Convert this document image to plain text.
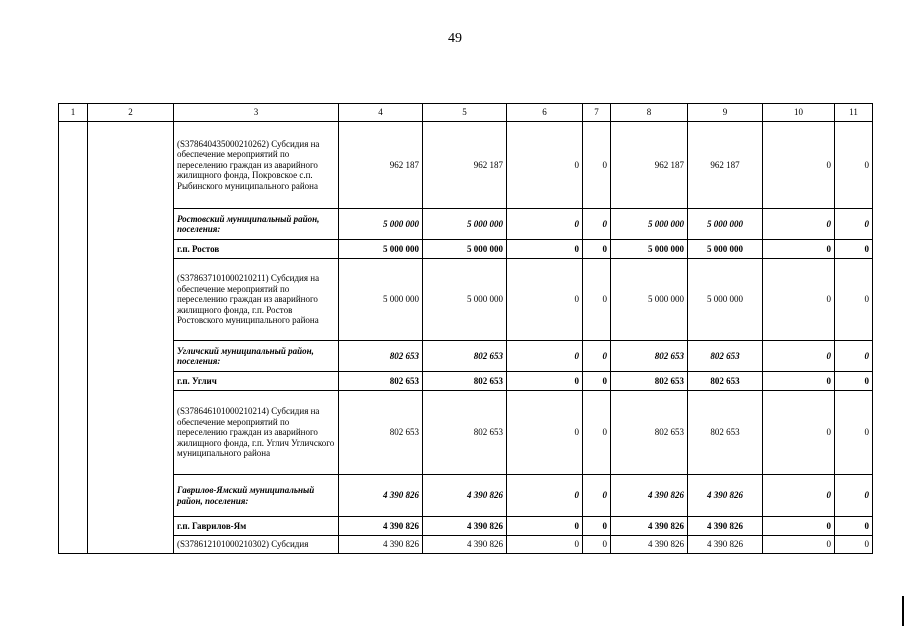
49
1	2	3	4	5	6	7	8	9	10	11
		(S378640435000210262) Субсидия на обеспечение мероприятий по переселению граждан из аварийного жилищного фонда, Покровское с.п. Рыбинского муниципального района	962 187	962 187	0	0	962 187	962 187	0	0
		Ростовский муниципальный район, поселения:	5 000 000	5 000 000	0	0	5 000 000	5 000 000	0	0
		г.п. Ростов	5 000 000	5 000 000	0	0	5 000 000	5 000 000	0	0
		(S378637101000210211) Субсидия на обеспечение мероприятий по переселению граждан из аварийного жилищного фонда, г.п. Ростов Ростовского муниципального района	5 000 000	5 000 000	0	0	5 000 000	5 000 000	0	0
		Угличский муниципальный район, поселения:	802 653	802 653	0	0	802 653	802 653	0	0
		г.п. Углич	802 653	802 653	0	0	802 653	802 653	0	0
		(S378646101000210214) Субсидия на обеспечение мероприятий по переселению граждан из аварийного жилищного фонда, г.п. Углич Угличского муниципального района	802 653	802 653	0	0	802 653	802 653	0	0
		Гаврилов-Ямский муниципальный район, поселения:	4 390 826	4 390 826	0	0	4 390 826	4 390 826	0	0
		г.п. Гаврилов-Ям	4 390 826	4 390 826	0	0	4 390 826	4 390 826	0	0
		(S378612101000210302) Субсидия	4 390 826	4 390 826	0	0	4 390 826	4 390 826	0	0
